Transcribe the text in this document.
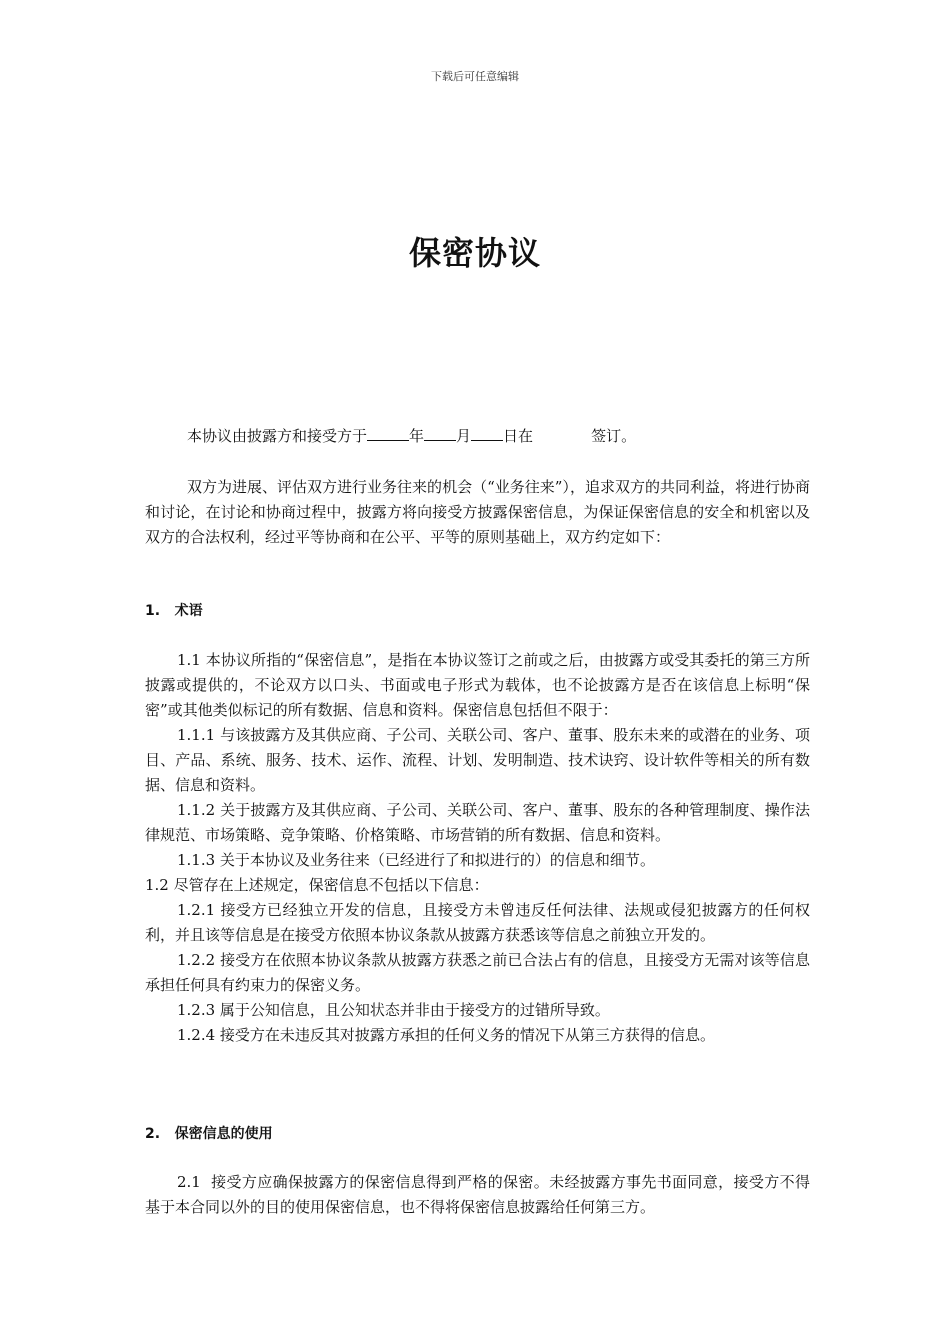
下载后可任意编辑
保密协议

本协议由披露方和接受方于	年 月 日在	签订。

双方为进展、评估双方进行业务往来的机会（“业务往来”），追求双方的共同利益，将进行协商和讨论，在讨论和协商过程中，披露方将向接受方披露保密信息，为保证保密信息的安全和机密以及双方的合法权利，经过平等协商和在公平、平等的原则基础上，双方约定如下：

1.   术语

1.1 本协议所指的“保密信息”，是指在本协议签订之前或之后，由披露方或受其委托的第三方所披露或提供的，不论双方以口头、书面或电子形式为载体，也不论披露方是否在该信息上标明“保密”或其他类似标记的所有数据、信息和资料。保密信息包括但不限于：

1.1.1 与该披露方及其供应商、子公司、关联公司、客户、董事、股东未来的或潜在的业务、项目、产品、系统、服务、技术、运作、流程、计划、发明制造、技术诀窍、设计软件等相关的所有数据、信息和资料。

1.1.2 关于披露方及其供应商、子公司、关联公司、客户、董事、股东的各种管理制度、操作法律规范、市场策略、竞争策略、价格策略、市场营销的所有数据、信息和资料。

1.1.3 关于本协议及业务往来（已经进行了和拟进行的）的信息和细节。

1.2 尽管存在上述规定，保密信息不包括以下信息：

1.2.1 接受方已经独立开发的信息，且接受方未曾违反任何法律、法规或侵犯披露方的任何权利，并且该等信息是在接受方依照本协议条款从披露方获悉该等信息之前独立开发的。

1.2.2 接受方在依照本协议条款从披露方获悉之前已合法占有的信息，且接受方无需对该等信息承担任何具有约束力的保密义务。

1.2.3 属于公知信息，且公知状态并非由于接受方的过错所导致。

1.2.4 接受方在未违反其对披露方承担的任何义务的情况下从第三方获得的信息。

2.   保密信息的使用

2.1  接受方应确保披露方的保密信息得到严格的保密。未经披露方事先书面同意，接受方不得基于本合同以外的目的使用保密信息，也不得将保密信息披露给任何第三方。
